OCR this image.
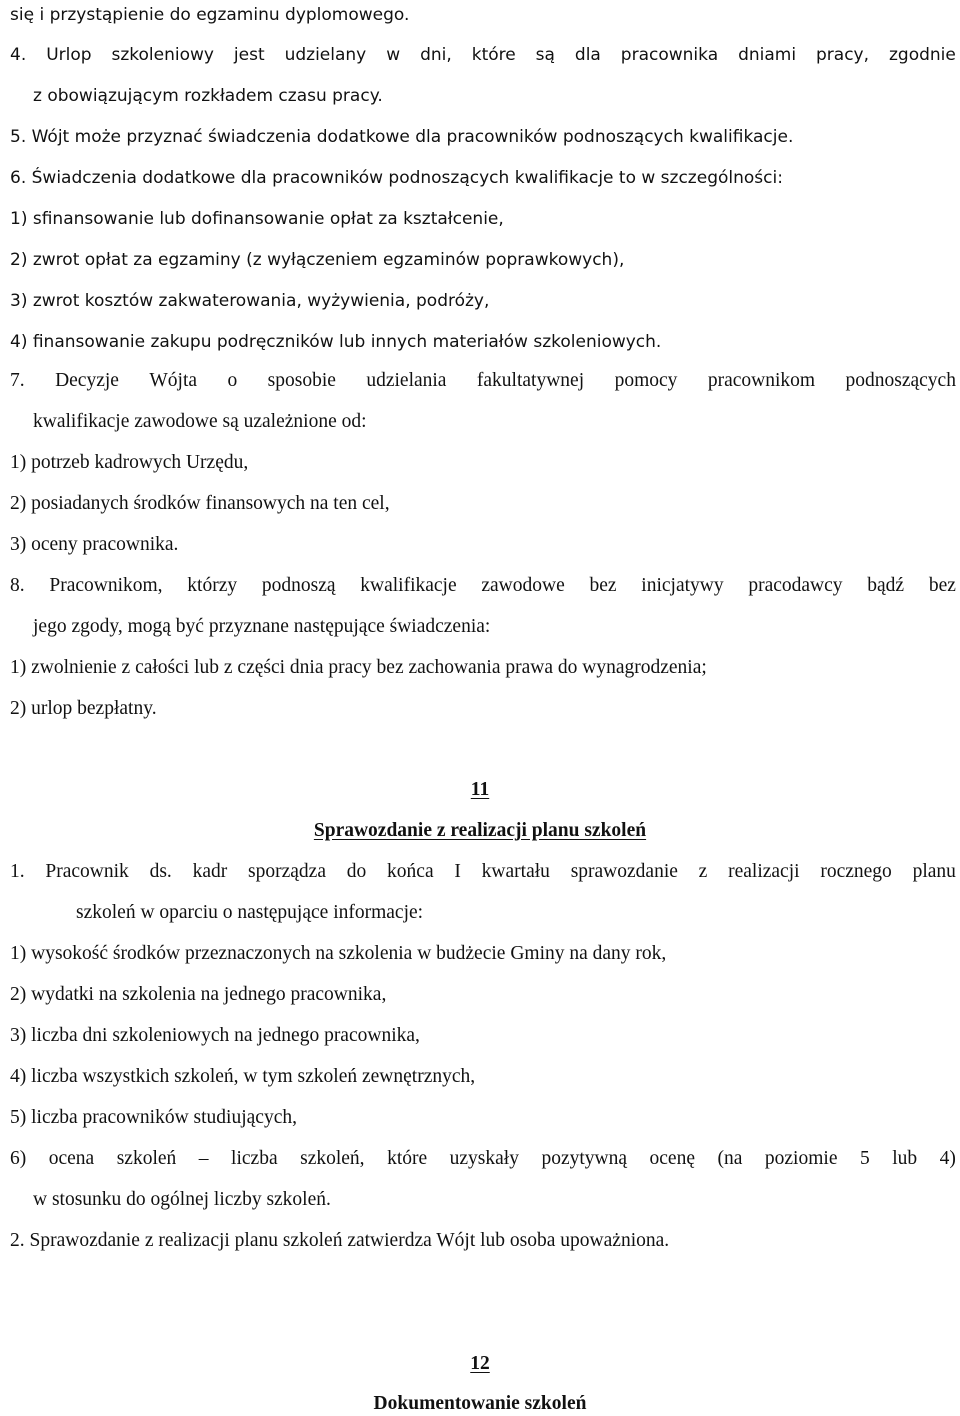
się i przystąpienie do egzaminu dyplomowego.
4. Urlop szkoleniowy jest udzielany w dni, które są dla pracownika dniami pracy, zgodnie
z obowiązującym rozkładem czasu pracy.
5. Wójt może przyznać świadczenia dodatkowe dla pracowników podnoszących kwalifikacje.
6. Świadczenia dodatkowe dla pracowników podnoszących kwalifikacje to w szczególności:
1) sfinansowanie lub dofinansowanie opłat za kształcenie,
2) zwrot opłat za egzaminy (z wyłączeniem egzaminów poprawkowych),
3) zwrot kosztów zakwaterowania, wyżywienia, podróży,
4) finansowanie zakupu podręczników lub innych materiałów szkoleniowych.
7. Decyzje Wójta o sposobie udzielania fakultatywnej pomocy pracownikom podnoszących
kwalifikacje zawodowe są uzależnione od:
1) potrzeb kadrowych Urzędu,
2) posiadanych środków finansowych na ten cel,
3) oceny pracownika.
8. Pracownikom, którzy podnoszą kwalifikacje zawodowe bez inicjatywy pracodawcy bądź bez
jego zgody, mogą być przyznane następujące świadczenia:
1) zwolnienie z całości lub z części dnia pracy bez zachowania prawa do wynagrodzenia;
2) urlop bezpłatny.
11
Sprawozdanie z realizacji planu szkoleń
1. Pracownik ds. kadr sporządza do końca I kwartału sprawozdanie z realizacji rocznego planu
szkoleń w oparciu o następujące informacje:
1) wysokość środków przeznaczonych na szkolenia w budżecie Gminy na dany rok,
2) wydatki na szkolenia na jednego pracownika,
3) liczba dni szkoleniowych na jednego pracownika,
4) liczba wszystkich szkoleń, w tym szkoleń zewnętrznych,
5) liczba pracowników studiujących,
6) ocena szkoleń – liczba szkoleń, które uzyskały pozytywną ocenę (na poziomie 5 lub 4)
w stosunku do ogólnej liczby szkoleń.
2. Sprawozdanie z realizacji planu szkoleń zatwierdza Wójt lub osoba upoważniona.
12
Dokumentowanie szkoleń
